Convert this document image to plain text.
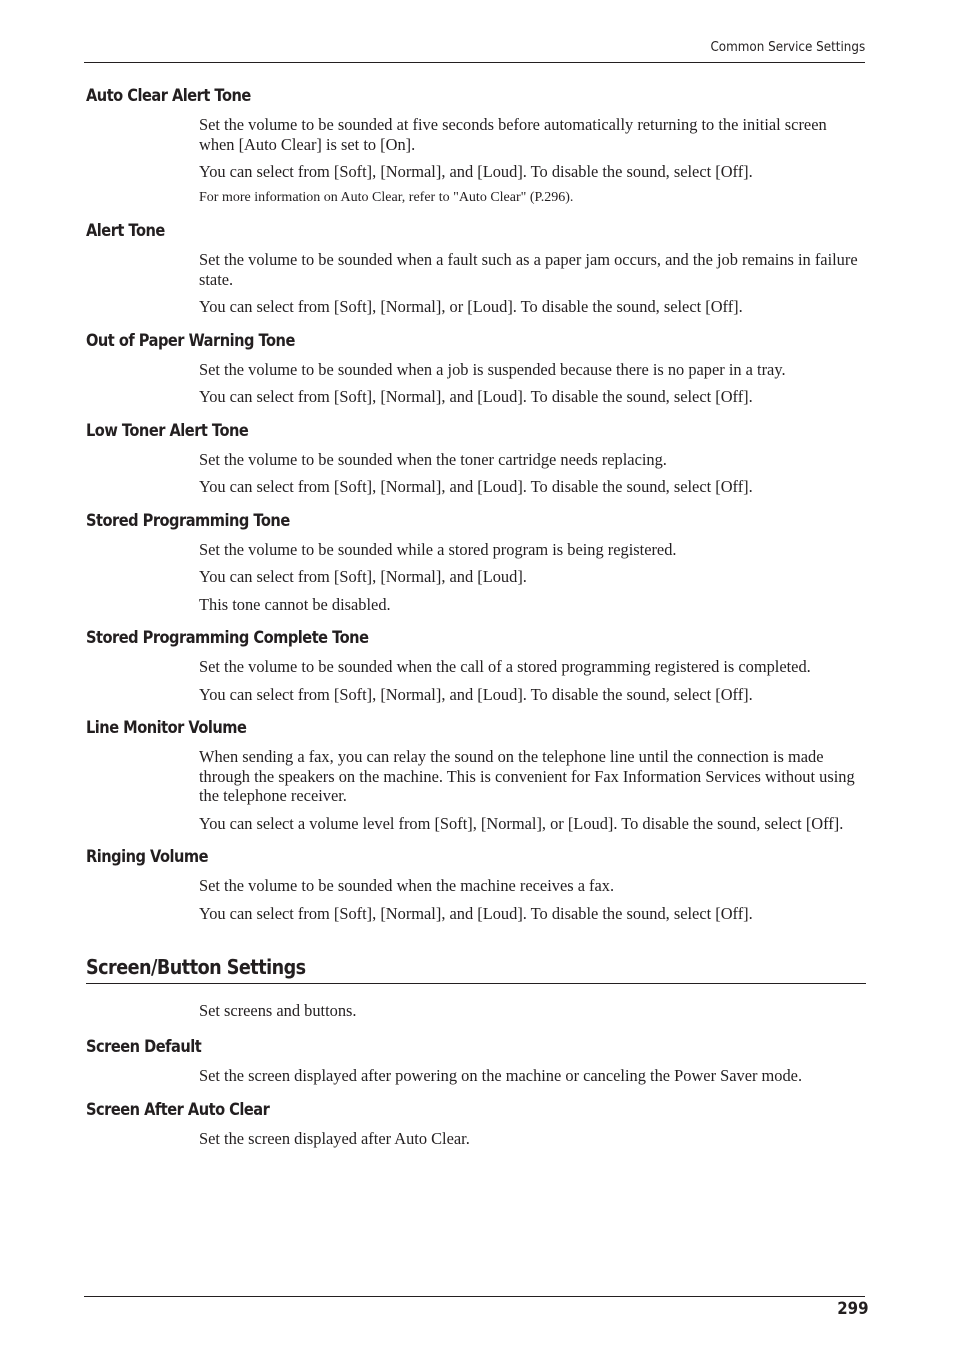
Common Service Settings
Auto Clear Alert Tone

Set the volume to be sounded at five seconds before automatically returning to the initial screen when [Auto Clear] is set to [On].

You can select from [Soft], [Normal], and [Loud]. To disable the sound, select [Off].

For more information on Auto Clear, refer to "Auto Clear" (P.296).

Alert Tone

Set the volume to be sounded when a fault such as a paper jam occurs, and the job remains in failure state.

You can select from [Soft], [Normal], or [Loud]. To disable the sound, select [Off].

Out of Paper Warning Tone

Set the volume to be sounded when a job is suspended because there is no paper in a tray.

You can select from [Soft], [Normal], and [Loud]. To disable the sound, select [Off].

Low Toner Alert Tone

Set the volume to be sounded when the toner cartridge needs replacing.

You can select from [Soft], [Normal], and [Loud]. To disable the sound, select [Off].

Stored Programming Tone

Set the volume to be sounded while a stored program is being registered.

You can select from [Soft], [Normal], and [Loud].

This tone cannot be disabled.

Stored Programming Complete Tone

Set the volume to be sounded when the call of a stored programming registered is completed.

You can select from [Soft], [Normal], and [Loud]. To disable the sound, select [Off].

Line Monitor Volume

When sending a fax, you can relay the sound on the telephone line until the connection is made through the speakers on the machine. This is convenient for Fax Information Services without using the telephone receiver.

You can select a volume level from [Soft], [Normal], or [Loud]. To disable the sound, select [Off].

Ringing Volume

Set the volume to be sounded when the machine receives a fax.

You can select from [Soft], [Normal], and [Loud]. To disable the sound, select [Off].

Screen/Button Settings

Set screens and buttons.

Screen Default

Set the screen displayed after powering on the machine or canceling the Power Saver mode.

Screen After Auto Clear

Set the screen displayed after Auto Clear.

299
